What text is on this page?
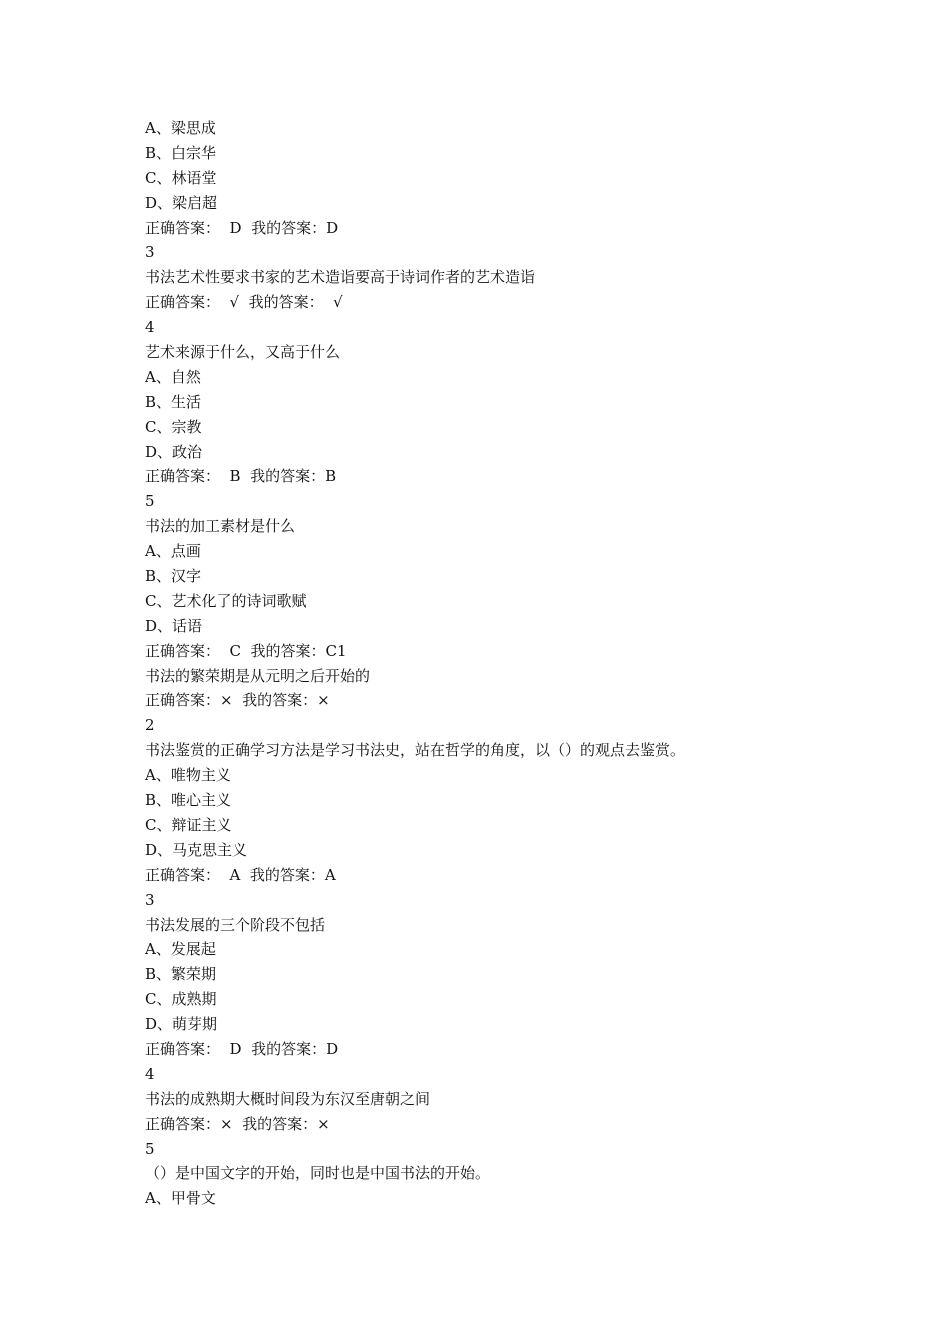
A、梁思成
B、白宗华
C、林语堂
D、梁启超
正确答案：  D  我的答案：D
3
书法艺术性要求书家的艺术造诣要高于诗词作者的艺术造诣
正确答案：  √  我的答案：  √
4
艺术来源于什么，又高于什么
A、自然
B、生活
C、宗教
D、政治
正确答案：  B  我的答案：B
5
书法的加工素材是什么
A、点画
B、汉字
C、艺术化了的诗词歌赋
D、话语
正确答案：  C  我的答案：C1
书法的繁荣期是从元明之后开始的
正确答案：×  我的答案：×
2
书法鉴赏的正确学习方法是学习书法史，站在哲学的角度，以（）的观点去鉴赏。
A、唯物主义
B、唯心主义
C、辩证主义
D、马克思主义
正确答案：  A  我的答案：A
3
书法发展的三个阶段不包括
A、发展起
B、繁荣期
C、成熟期
D、萌芽期
正确答案：  D  我的答案：D
4
书法的成熟期大概时间段为东汉至唐朝之间
正确答案：×  我的答案：×
5
（）是中国文字的开始，同时也是中国书法的开始。
A、甲骨文
